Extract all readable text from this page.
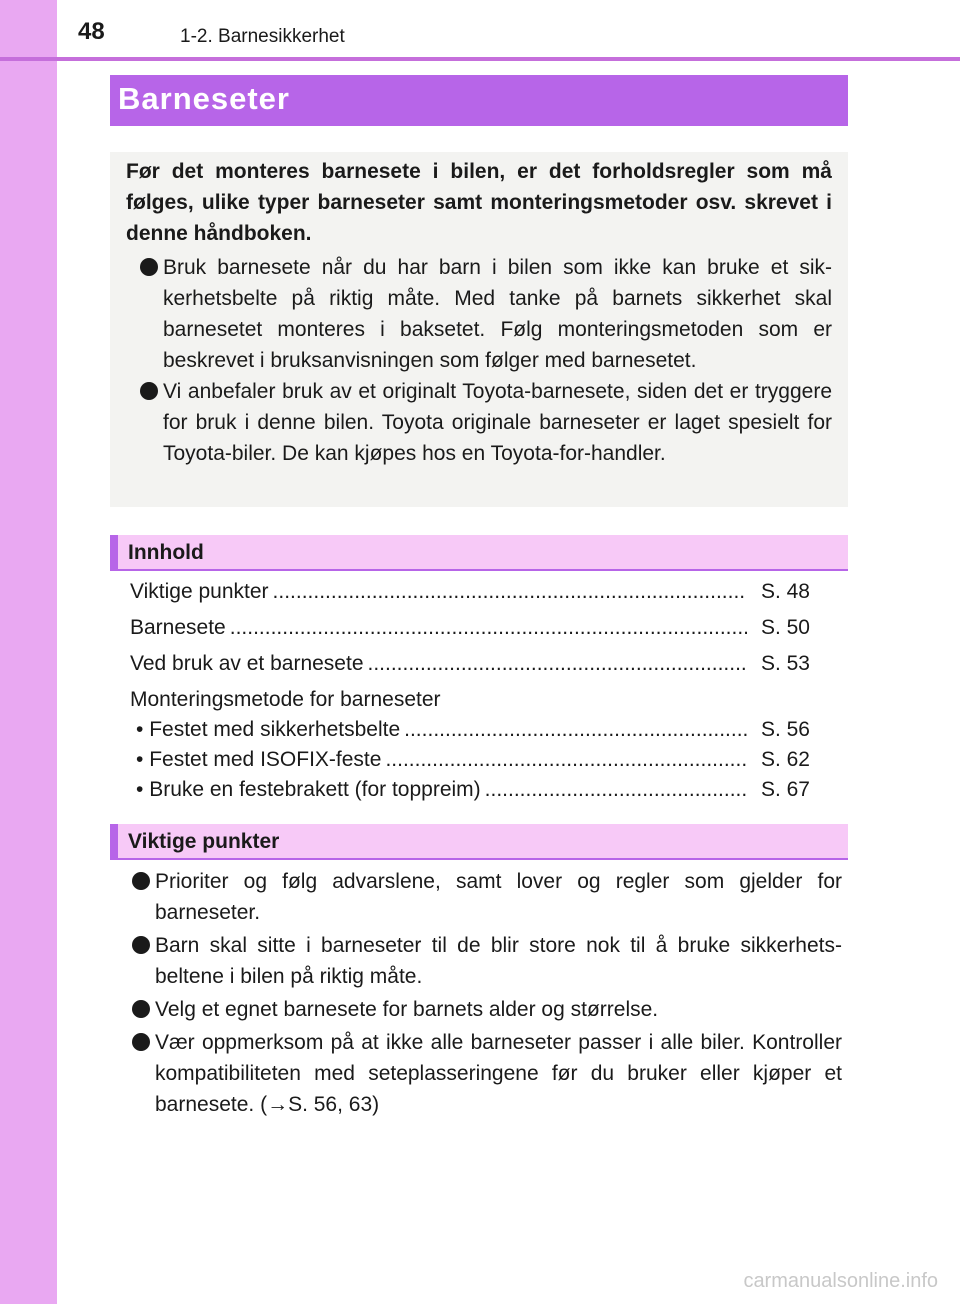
48	1-2. Barnesikkerhet
Barneseter
Før det monteres barnesete i bilen, er det forholdsregler som må følges, ulike typer barneseter samt monteringsmetoder osv. skrevet i denne håndboken.
Bruk barnesete når du har barn i bilen som ikke kan bruke et sik-kerhetsbelte på riktig måte. Med tanke på barnets sikkerhet skal barnesetet monteres i baksetet. Følg monteringsmetoden som er beskrevet i bruksanvisningen som følger med barnesetet.
Vi anbefaler bruk av et originalt Toyota-barnesete, siden det er tryggere for bruk i denne bilen. Toyota originale barneseter er laget spesielt for Toyota-biler. De kan kjøpes hos en Toyota-for-handler.
Innhold
Viktige punkter .....	S. 48
Barnesete .....	S. 50
Ved bruk av et barnesete .....	S. 53
Monteringsmetode for barneseter
• Festet med sikkerhetsbelte .....	S. 56
• Festet med ISOFIX-feste .....	S. 62
• Bruke en festebrakett (for toppreim) .....	S. 67
Viktige punkter
Prioriter og følg advarslene, samt lover og regler som gjelder for barneseter.
Barn skal sitte i barneseter til de blir store nok til å bruke sikkerhets-beltene i bilen på riktig måte.
Velg et egnet barnesete for barnets alder og størrelse.
Vær oppmerksom på at ikke alle barneseter passer i alle biler. Kontroller kompatibiliteten med seteplasseringene før du bruker eller kjøper et barnesete. (→S. 56, 63)
carmanualsonline.info
